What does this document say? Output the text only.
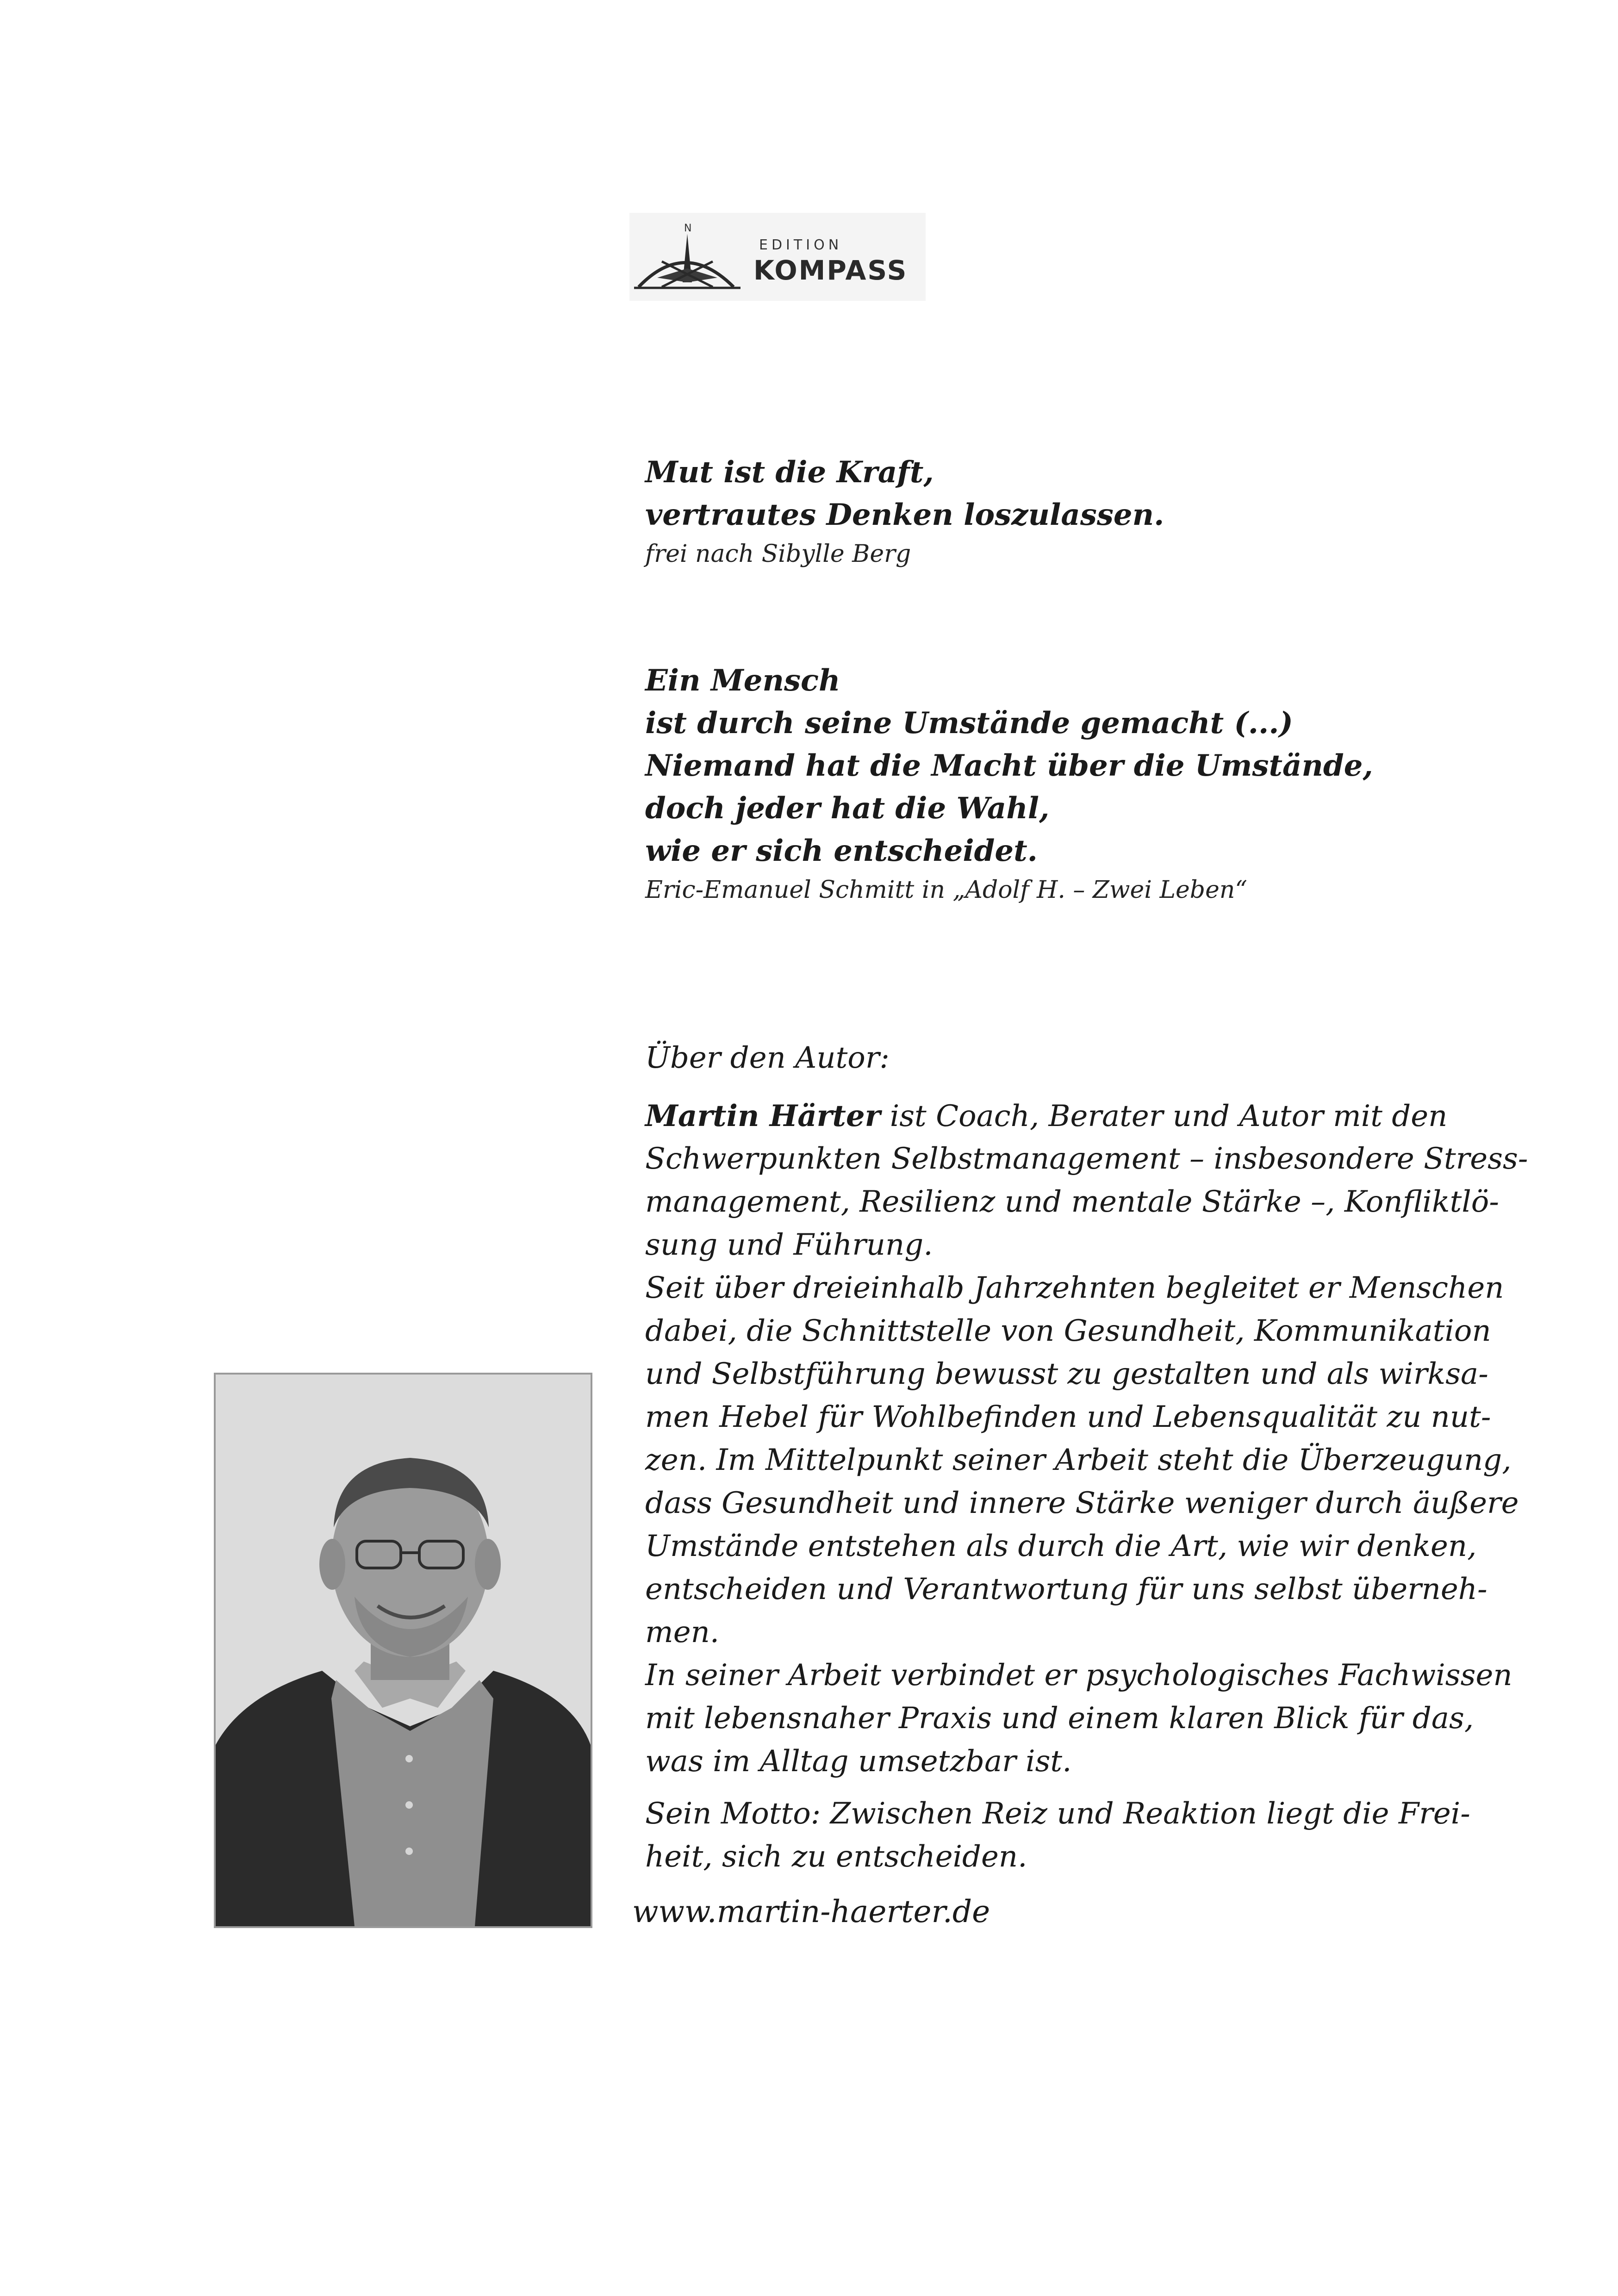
N
EDITION
KOMPASS
Mut ist die Kraft,
vertrautes Denken loszulassen.
frei nach Sibylle Berg
Ein Mensch
ist durch seine Umstände gemacht (...)
Niemand hat die Macht über die Umstände,
doch jeder hat die Wahl,
wie er sich entscheidet.
Eric-Emanuel Schmitt in „Adolf H. – Zwei Leben“
Über den Autor:
Martin Härter ist Coach, Berater und Autor mit den
Schwerpunkten Selbstmanagement – insbesondere Stress-
management, Resilienz und mentale Stärke –, Konfliktlö-
sung und Führung.
Seit über dreieinhalb Jahrzehnten begleitet er Menschen
dabei, die Schnittstelle von Gesundheit, Kommunikation
und Selbstführung bewusst zu gestalten und als wirksa-
men Hebel für Wohlbefinden und Lebensqualität zu nut-
zen. Im Mittelpunkt seiner Arbeit steht die Überzeugung,
dass Gesundheit und innere Stärke weniger durch äußere
Umstände entstehen als durch die Art, wie wir denken,
entscheiden und Verantwortung für uns selbst überneh-
men.
In seiner Arbeit verbindet er psychologisches Fachwissen
mit lebensnaher Praxis und einem klaren Blick für das,
was im Alltag umsetzbar ist.
Sein Motto: Zwischen Reiz und Reaktion liegt die Frei-
heit, sich zu entscheiden.
www.martin-haerter.de
